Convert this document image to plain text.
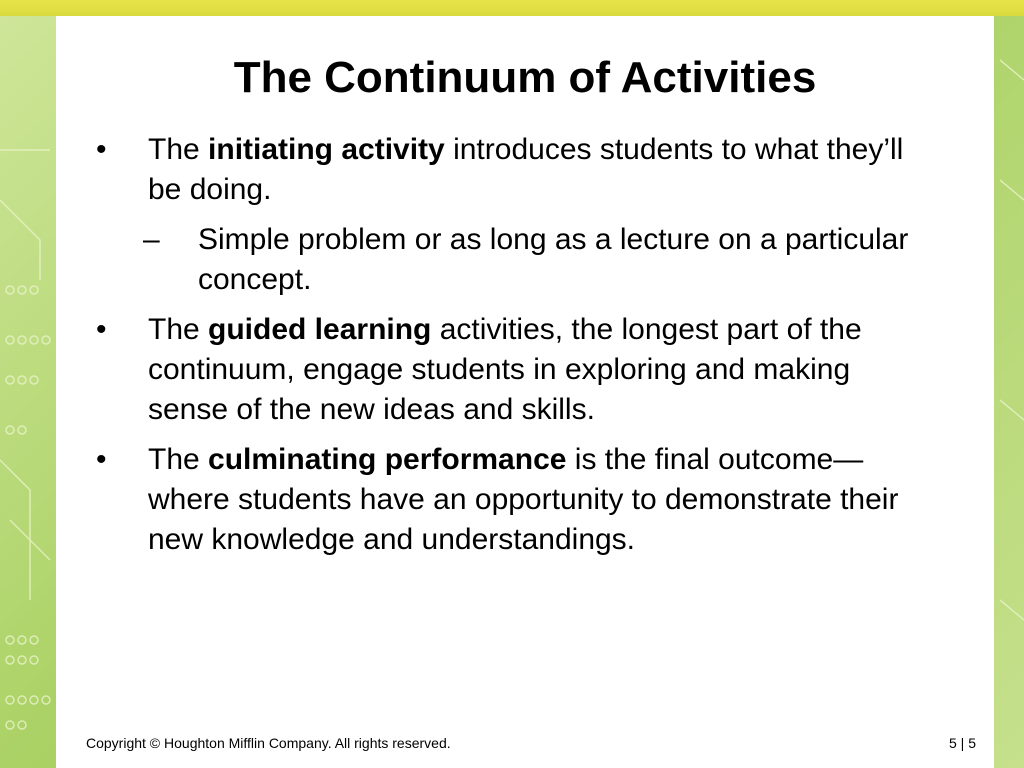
The Continuum of Activities
•	The initiating activity introduces students to what they’ll be doing.
–	Simple problem or as long as a lecture on a particular concept.
•	The guided learning activities, the longest part of the continuum, engage students in exploring and making sense of the new ideas and skills.
•	The culminating performance is the final outcome—where students have an opportunity to demonstrate their new knowledge and understandings.
Copyright © Houghton Mifflin Company. All rights reserved.	5 | 5
